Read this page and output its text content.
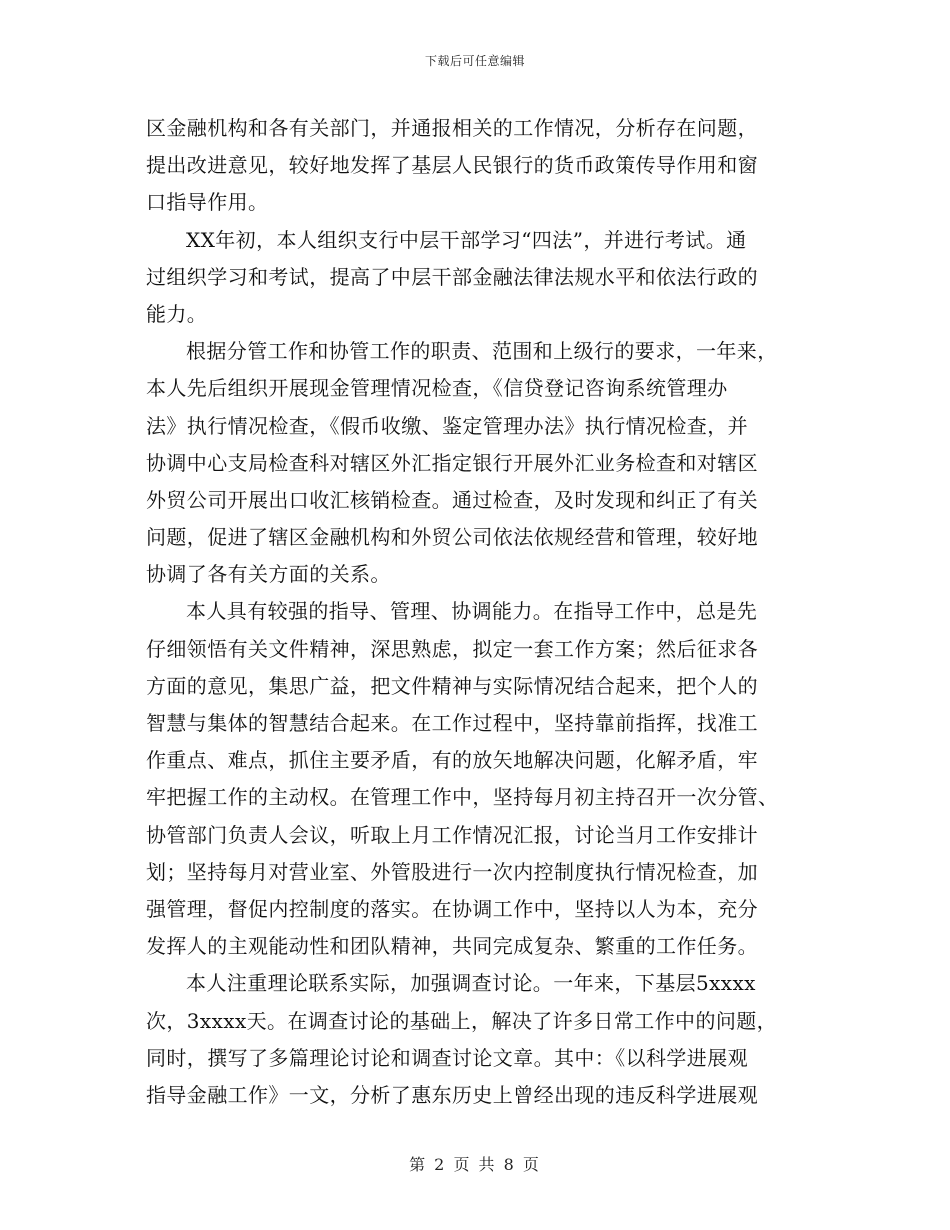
下载后可任意编辑
区金融机构和各有关部门，并通报相关的工作情况，分析存在问题，
提出改进意见，较好地发挥了基层人民银行的货币政策传导作用和窗
口指导作用。
XX年初，本人组织支行中层干部学习“四法”，并进行考试。通
过组织学习和考试，提高了中层干部金融法律法规水平和依法行政的
能力。
根据分管工作和协管工作的职责、范围和上级行的要求，一年来，
本人先后组织开展现金管理情况检查，《信贷登记咨询系统管理办
法》执行情况检查，《假币收缴、鉴定管理办法》执行情况检查，并
协调中心支局检查科对辖区外汇指定银行开展外汇业务检查和对辖区
外贸公司开展出口收汇核销检查。通过检查，及时发现和纠正了有关
问题，促进了辖区金融机构和外贸公司依法依规经营和管理，较好地
协调了各有关方面的关系。
本人具有较强的指导、管理、协调能力。在指导工作中，总是先
仔细领悟有关文件精神，深思熟虑，拟定一套工作方案；然后征求各
方面的意见，集思广益，把文件精神与实际情况结合起来，把个人的
智慧与集体的智慧结合起来。在工作过程中，坚持靠前指挥，找准工
作重点、难点，抓住主要矛盾，有的放矢地解决问题，化解矛盾，牢
牢把握工作的主动权。在管理工作中，坚持每月初主持召开一次分管、
协管部门负责人会议，听取上月工作情况汇报，讨论当月工作安排计
划；坚持每月对营业室、外管股进行一次内控制度执行情况检查，加
强管理，督促内控制度的落实。在协调工作中，坚持以人为本，充分
发挥人的主观能动性和团队精神，共同完成复杂、繁重的工作任务。
本人注重理论联系实际，加强调查讨论。一年来，下基层5xxxx
次，3xxxx天。在调查讨论的基础上，解决了许多日常工作中的问题，
同时，撰写了多篇理论讨论和调查讨论文章。其中：《以科学进展观
指导金融工作》一文，分析了惠东历史上曾经出现的违反科学进展观
第 2 页 共 8 页
